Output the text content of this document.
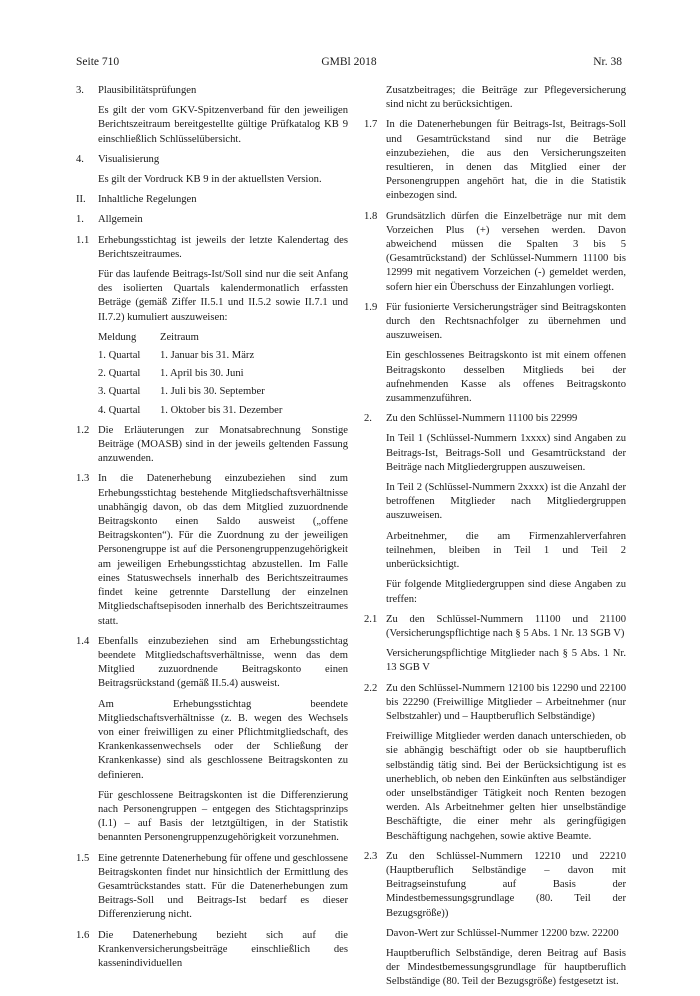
Seite 710	GMBl 2018	Nr. 38
3. Plausibilitätsprüfungen
Es gilt der vom GKV-Spitzenverband für den jeweiligen Berichtszeitraum bereitgestellte gültige Prüfkatalog KB 9 einschließlich Schlüsselübersicht.
4. Visualisierung
Es gilt der Vordruck KB 9 in der aktuellsten Version.
II. Inhaltliche Regelungen
1. Allgemein
1.1 Erhebungsstichtag ist jeweils der letzte Kalendertag des Berichtszeitraumes.
Für das laufende Beitrags-Ist/Soll sind nur die seit Anfang des isolierten Quartals kalendermonatlich erfassten Beträge (gemäß Ziffer II.5.1 und II.5.2 sowie II.7.1 und II.7.2) kumuliert auszuweisen:
Meldung	Zeitraum
1. Quartal	1. Januar bis 31. März
2. Quartal	1. April bis 30. Juni
3. Quartal	1. Juli bis 30. September
4. Quartal	1. Oktober bis 31. Dezember
1.2 Die Erläuterungen zur Monatsabrechnung Sonstige Beiträge (MOASB) sind in der jeweils geltenden Fassung anzuwenden.
1.3 In die Datenerhebung einzubeziehen sind zum Erhebungsstichtag bestehende Mitgliedschaftsverhältnisse unabhängig davon, ob das dem Mitglied zuzuordnende Beitragskonto einen Saldo ausweist („offene Beitragskonten“). Für die Zuordnung zu der jeweiligen Personengruppe ist auf die Personengruppenzugehörigkeit am jeweiligen Erhebungsstichtag abzustellen. Im Falle eines Statuswechsels innerhalb des Berichtszeitraumes findet keine getrennte Darstellung der einzelnen Mitgliedschaftsepisoden innerhalb des Berichtszeitraumes statt.
1.4 Ebenfalls einzubeziehen sind am Erhebungsstichtag beendete Mitgliedschaftsverhältnisse, wenn das dem Mitglied zuzuordnende Beitragskonto einen Beitragsrückstand (gemäß II.5.4) ausweist.
Am Erhebungsstichtag beendete Mitgliedschaftsverhältnisse (z. B. wegen des Wechsels von einer freiwilligen zu einer Pflichtmitgliedschaft, des Krankenkassenwechsels oder der Schließung der Krankenkasse) sind als geschlossene Beitragskonten zu definieren.
Für geschlossene Beitragskonten ist die Differenzierung nach Personengruppen – entgegen des Stichtagsprinzips (I.1) – auf Basis der letztgültigen, in der Statistik benannten Personengruppenzugehörigkeit vorzunehmen.
1.5 Eine getrennte Datenerhebung für offene und geschlossene Beitragskonten findet nur hinsichtlich der Ermittlung des Gesamtrückstandes statt. Für die Datenerhebungen zum Beitrags-Soll und Beitrags-Ist bedarf es dieser Differenzierung nicht.
1.6 Die Datenerhebung bezieht sich auf die Krankenversicherungsbeiträge einschließlich des kassenindividuellen
Zusatzbeitrages; die Beiträge zur Pflegeversicherung sind nicht zu berücksichtigen.
1.7 In die Datenerhebungen für Beitrags-Ist, Beitrags-Soll und Gesamtrückstand sind nur die Beträge einzubeziehen, die aus den Versicherungszeiten resultieren, in denen das Mitglied einer der Personengruppen angehört hat, die in die Statistik einbezogen sind.
1.8 Grundsätzlich dürfen die Einzelbeträge nur mit dem Vorzeichen Plus (+) versehen werden. Davon abweichend müssen die Spalten 3 bis 5 (Gesamtrückstand) der Schlüssel-Nummern 11100 bis 12999 mit negativem Vorzeichen (-) gemeldet werden, sofern hier ein Überschuss der Einzahlungen vorliegt.
1.9 Für fusionierte Versicherungsträger sind Beitragskonten durch den Rechtsnachfolger zu übernehmen und auszuweisen.
Ein geschlossenes Beitragskonto ist mit einem offenen Beitragskonto desselben Mitglieds bei der aufnehmenden Kasse als offenes Beitragskonto zusammenzuführen.
2. Zu den Schlüssel-Nummern 11100 bis 22999
In Teil 1 (Schlüssel-Nummern 1xxxx) sind Angaben zu Beitrags-Ist, Beitrags-Soll und Gesamtrückstand der Beiträge nach Mitgliedergruppen auszuweisen.
In Teil 2 (Schlüssel-Nummern 2xxxx) ist die Anzahl der betroffenen Mitglieder nach Mitgliedergruppen auszuweisen.
Arbeitnehmer, die am Firmenzahlerverfahren teilnehmen, bleiben in Teil 1 und Teil 2 unberücksichtigt.
Für folgende Mitgliedergruppen sind diese Angaben zu treffen:
2.1 Zu den Schlüssel-Nummern 11100 und 21100 (Versicherungspflichtige nach § 5 Abs. 1 Nr. 13 SGB V)
Versicherungspflichtige Mitglieder nach § 5 Abs. 1 Nr. 13 SGB V
2.2 Zu den Schlüssel-Nummern 12100 bis 12290 und 22100 bis 22290 (Freiwillige Mitglieder – Arbeitnehmer (nur Selbstzahler) und – Hauptberuflich Selbständige)
Freiwillige Mitglieder werden danach unterschieden, ob sie abhängig beschäftigt oder ob sie hauptberuflich selbständig tätig sind. Bei der Berücksichtigung ist es unerheblich, ob neben den Einkünften aus selbständiger oder unselbständiger Tätigkeit noch Renten bezogen werden. Als Arbeitnehmer gelten hier unselbständige Beschäftigte, die einer mehr als geringfügigen Beschäftigung nachgehen, sowie aktive Beamte.
2.3 Zu den Schlüssel-Nummern 12210 und 22210 (Hauptberuflich Selbständige – davon mit Beitragseinstufung auf Basis der Mindestbemessungsgrundlage (80. Teil der Bezugsgröße))
Davon-Wert zur Schlüssel-Nummer 12200 bzw. 22200
Hauptberuflich Selbständige, deren Beitrag auf Basis der Mindestbemessungsgrundlage für hauptberuflich Selbständige (80. Teil der Bezugsgröße) festgesetzt ist.
